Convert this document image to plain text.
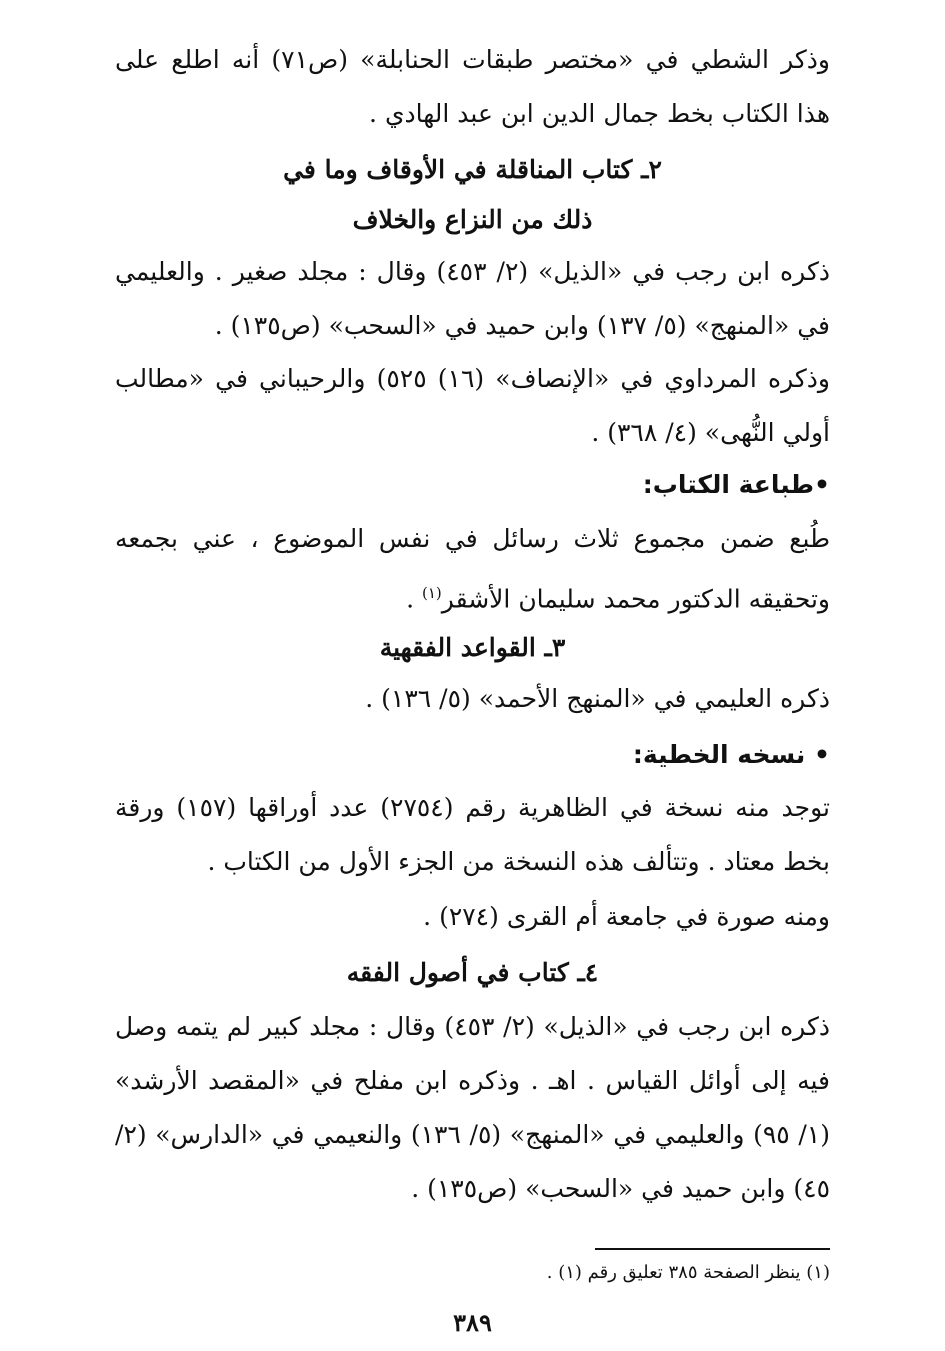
وذكر الشطي في «مختصر طبقات الحنابلة» (ص٧١) أنه اطلع على هذا الكتاب بخط جمال الدين ابن عبد الهادي .

٢ـ كتاب المناقلة في الأوقاف وما في

ذلك من النزاع والخلاف

ذكره ابن رجب في «الذيل» (٢/ ٤٥٣) وقال : مجلد صغير . والعليمي في «المنهج» (٥/ ١٣٧) وابن حميد في «السحب» (ص١٣٥) .

وذكره المرداوي في «الإنصاف» (١٦) ٥٢٥) والرحيباني في «مطالب أولي النُّهى» (٤/ ٣٦٨) .

•طباعة الكتاب:

طُبع ضمن مجموع ثلاث رسائل في نفس الموضوع ، عني بجمعه وتحقيقه الدكتور محمد سليمان الأشقر$^{(١)}$ .

٣ـ القواعد الفقهية

ذكره العليمي في «المنهج الأحمد» (٥/ ١٣٦) .

• نسخه الخطية:

توجد منه نسخة في الظاهرية رقم (٢٧٥٤) عدد أوراقها (١٥٧) ورقة بخط معتاد . وتتألف هذه النسخة من الجزء الأول من الكتاب .

ومنه صورة في جامعة أم القرى (٢٧٤) .

٤ـ كتاب في أصول الفقه

ذكره ابن رجب في «الذيل» (٢/ ٤٥٣) وقال : مجلد كبير لم يتمه وصل فيه إلى أوائل القياس . اهـ . وذكره ابن مفلح في «المقصد الأرشد» (١/ ٩٥) والعليمي في «المنهج» (٥/ ١٣٦) والنعيمي في «الدارس» (٢/ ٤٥) وابن حميد في «السحب» (ص١٣٥) .

(١) ينظر الصفحة ٣٨٥ تعليق رقم (١) .

٣٨٩
